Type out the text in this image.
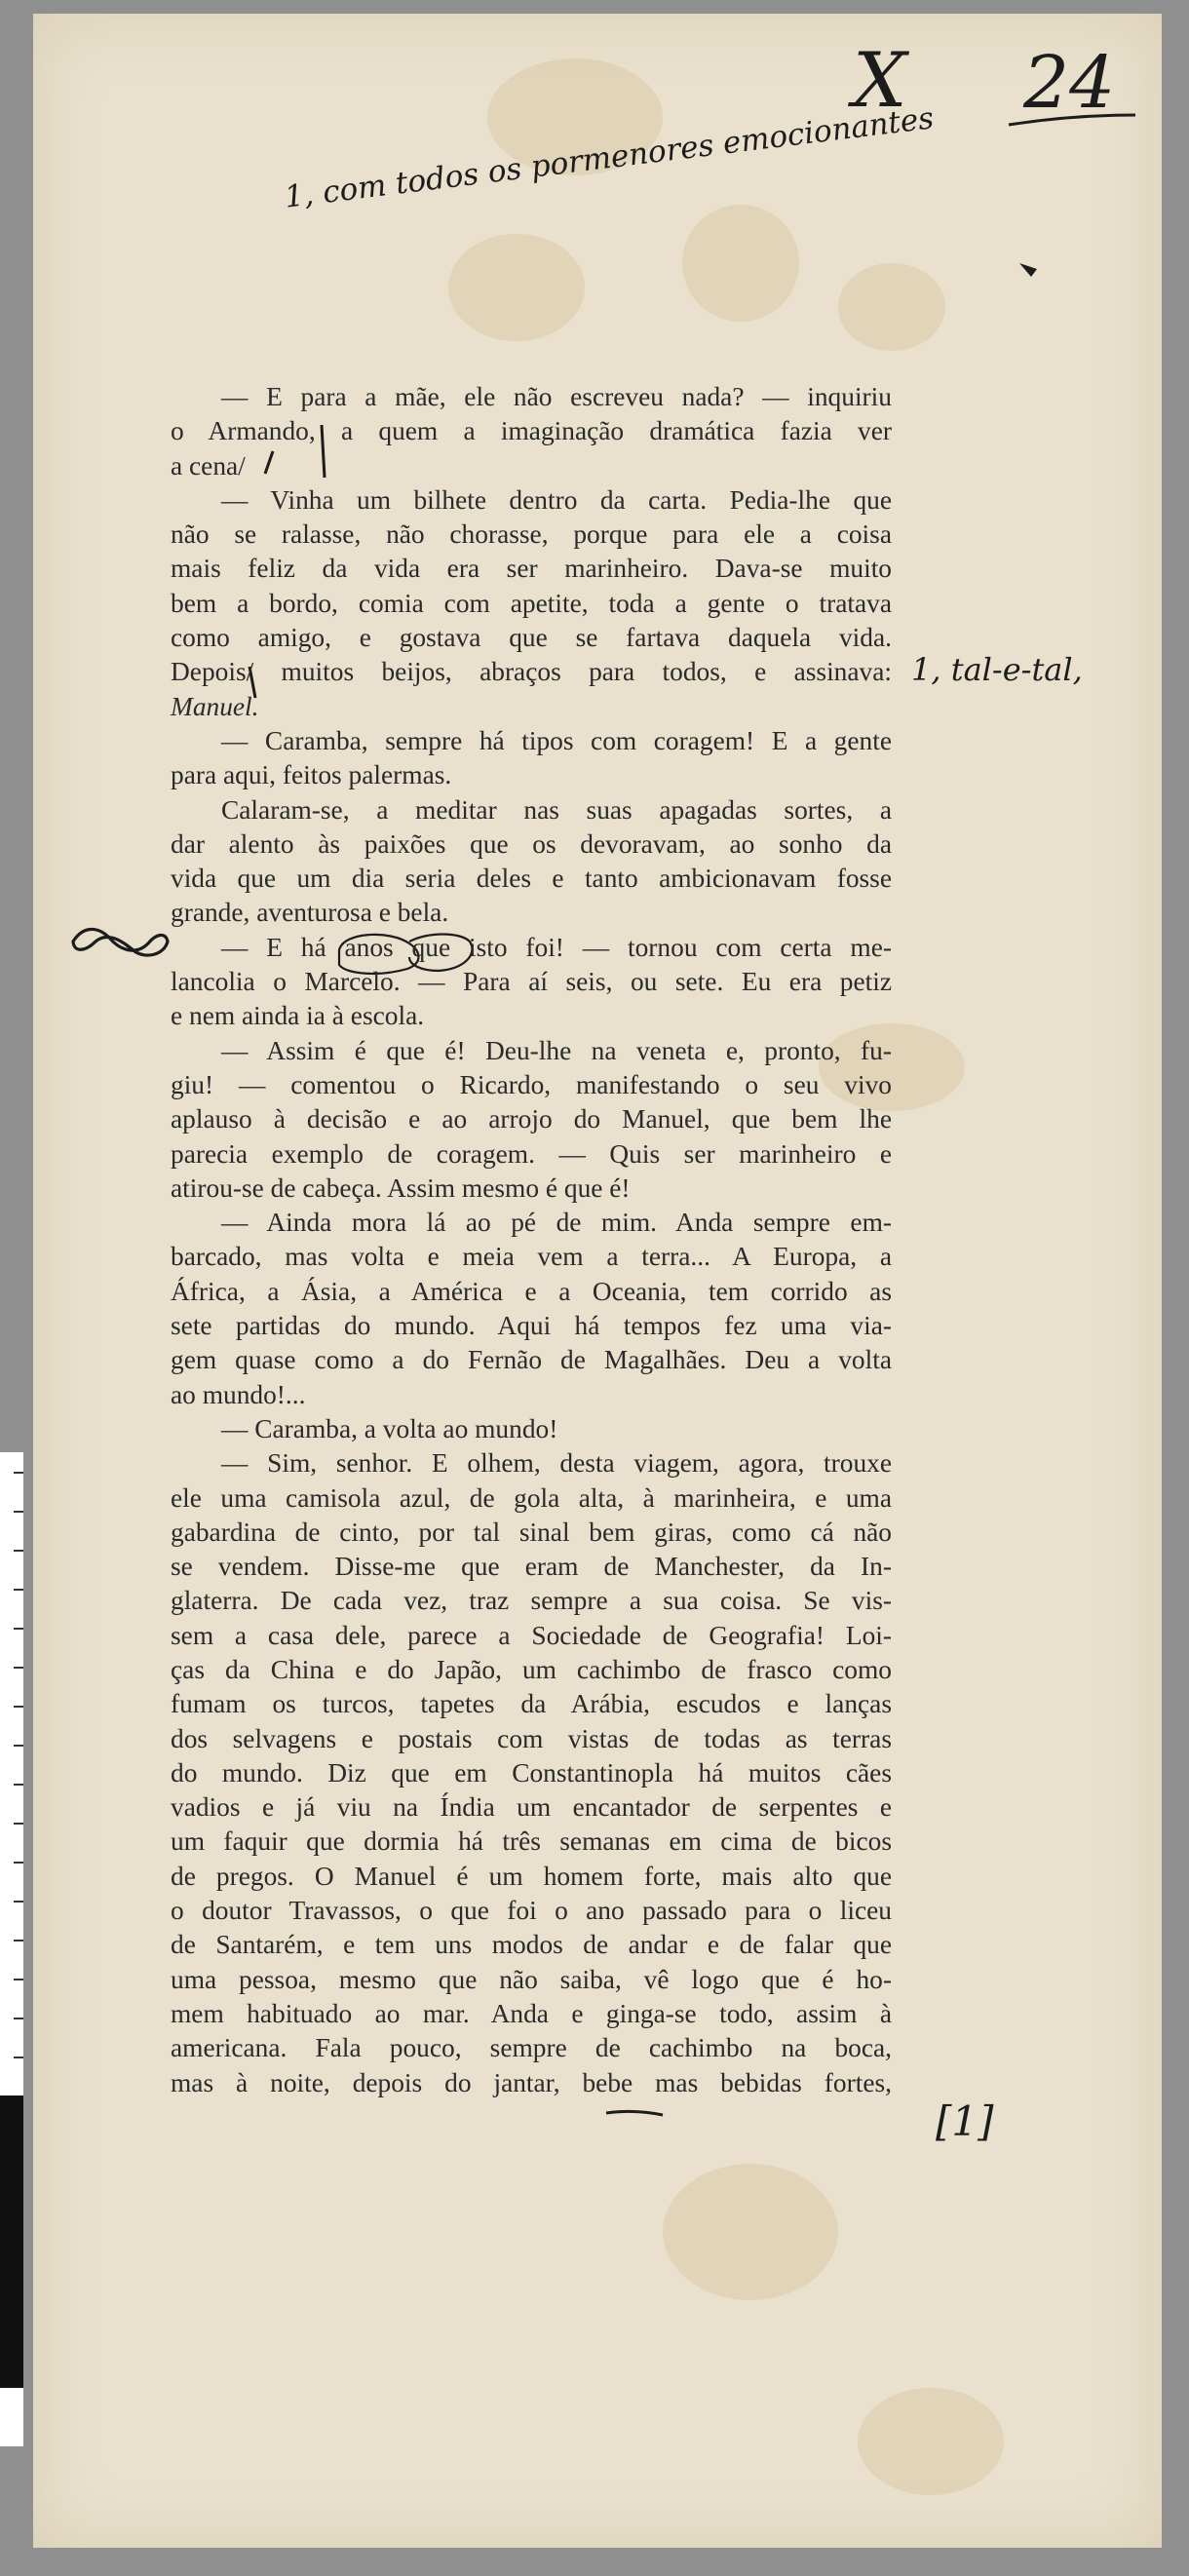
X 24
1, com todos os pormenores emocionantes
1, tal-e-tal,
[1]
— E para a mãe, ele não escreveu nada? — inquiriu
o Armando, a quem a imaginação dramática fazia ver
a cena/
— Vinha um bilhete dentro da carta. Pedia-lhe que
não se ralasse, não chorasse, porque para ele a coisa
mais feliz da vida era ser marinheiro. Dava-se muito
bem a bordo, comia com apetite, toda a gente o tratava
como amigo, e gostava que se fartava daquela vida.
Depois/ muitos beijos, abraços para todos, e assinava:
Manuel.
— Caramba, sempre há tipos com coragem! E a gente
para aqui, feitos palermas.
Calaram-se, a meditar nas suas apagadas sortes, a
dar alento às paixões que os devoravam, ao sonho da
vida que um dia seria deles e tanto ambicionavam fosse
grande, aventurosa e bela.
— E há anos que isto foi! — tornou com certa me-
lancolia o Marcelo. — Para aí seis, ou sete. Eu era petiz
e nem ainda ia à escola.
— Assim é que é! Deu-lhe na veneta e, pronto, fu-
giu! — comentou o Ricardo, manifestando o seu vivo
aplauso à decisão e ao arrojo do Manuel, que bem lhe
parecia exemplo de coragem. — Quis ser marinheiro e
atirou-se de cabeça. Assim mesmo é que é!
— Ainda mora lá ao pé de mim. Anda sempre em-
barcado, mas volta e meia vem a terra... A Europa, a
África, a Ásia, a América e a Oceania, tem corrido as
sete partidas do mundo. Aqui há tempos fez uma via-
gem quase como a do Fernão de Magalhães. Deu a volta
ao mundo!...
— Caramba, a volta ao mundo!
— Sim, senhor. E olhem, desta viagem, agora, trouxe
ele uma camisola azul, de gola alta, à marinheira, e uma
gabardina de cinto, por tal sinal bem giras, como cá não
se vendem. Disse-me que eram de Manchester, da In-
glaterra. De cada vez, traz sempre a sua coisa. Se vis-
sem a casa dele, parece a Sociedade de Geografia! Loi-
ças da China e do Japão, um cachimbo de frasco como
fumam os turcos, tapetes da Arábia, escudos e lanças
dos selvagens e postais com vistas de todas as terras
do mundo. Diz que em Constantinopla há muitos cães
vadios e já viu na Índia um encantador de serpentes e
um faquir que dormia há três semanas em cima de bicos
de pregos. O Manuel é um homem forte, mais alto que
o doutor Travassos, o que foi o ano passado para o liceu
de Santarém, e tem uns modos de andar e de falar que
uma pessoa, mesmo que não saiba, vê logo que é ho-
mem habituado ao mar. Anda e ginga-se todo, assim à
americana. Fala pouco, sempre de cachimbo na boca,
mas à noite, depois do jantar, bebe mas bebidas fortes,
